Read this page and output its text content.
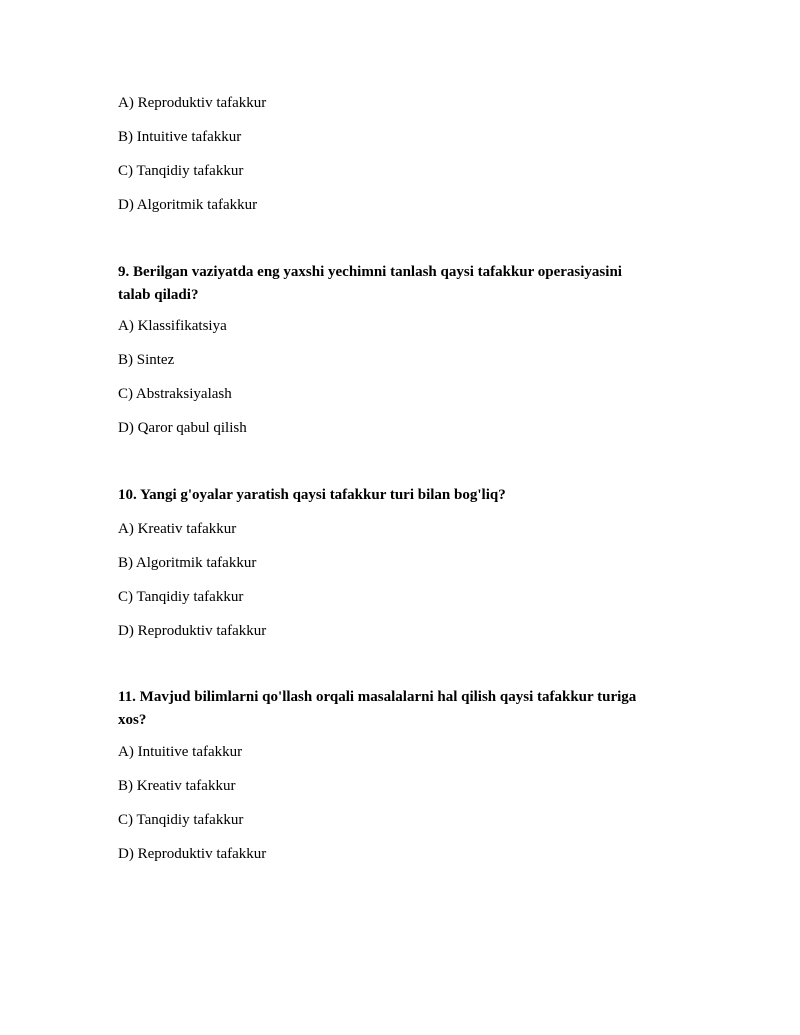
A) Reproduktiv tafakkur
B) Intuitive tafakkur
C) Tanqidiy tafakkur
D) Algoritmik tafakkur
9. Berilgan vaziyatda eng yaxshi yechimni tanlash qaysi tafakkur operasiyasini
talab qiladi?
A) Klassifikatsiya
B) Sintez
C) Abstraksiyalash
D) Qaror qabul qilish
10. Yangi g'oyalar yaratish qaysi tafakkur turi bilan bog'liq?
A) Kreativ tafakkur
B) Algoritmik tafakkur
C) Tanqidiy tafakkur
D) Reproduktiv tafakkur
11. Mavjud bilimlarni qo'llash orqali masalalarni hal qilish qaysi tafakkur turiga
xos?
A) Intuitive tafakkur
B) Kreativ tafakkur
C) Tanqidiy tafakkur
D) Reproduktiv tafakkur
